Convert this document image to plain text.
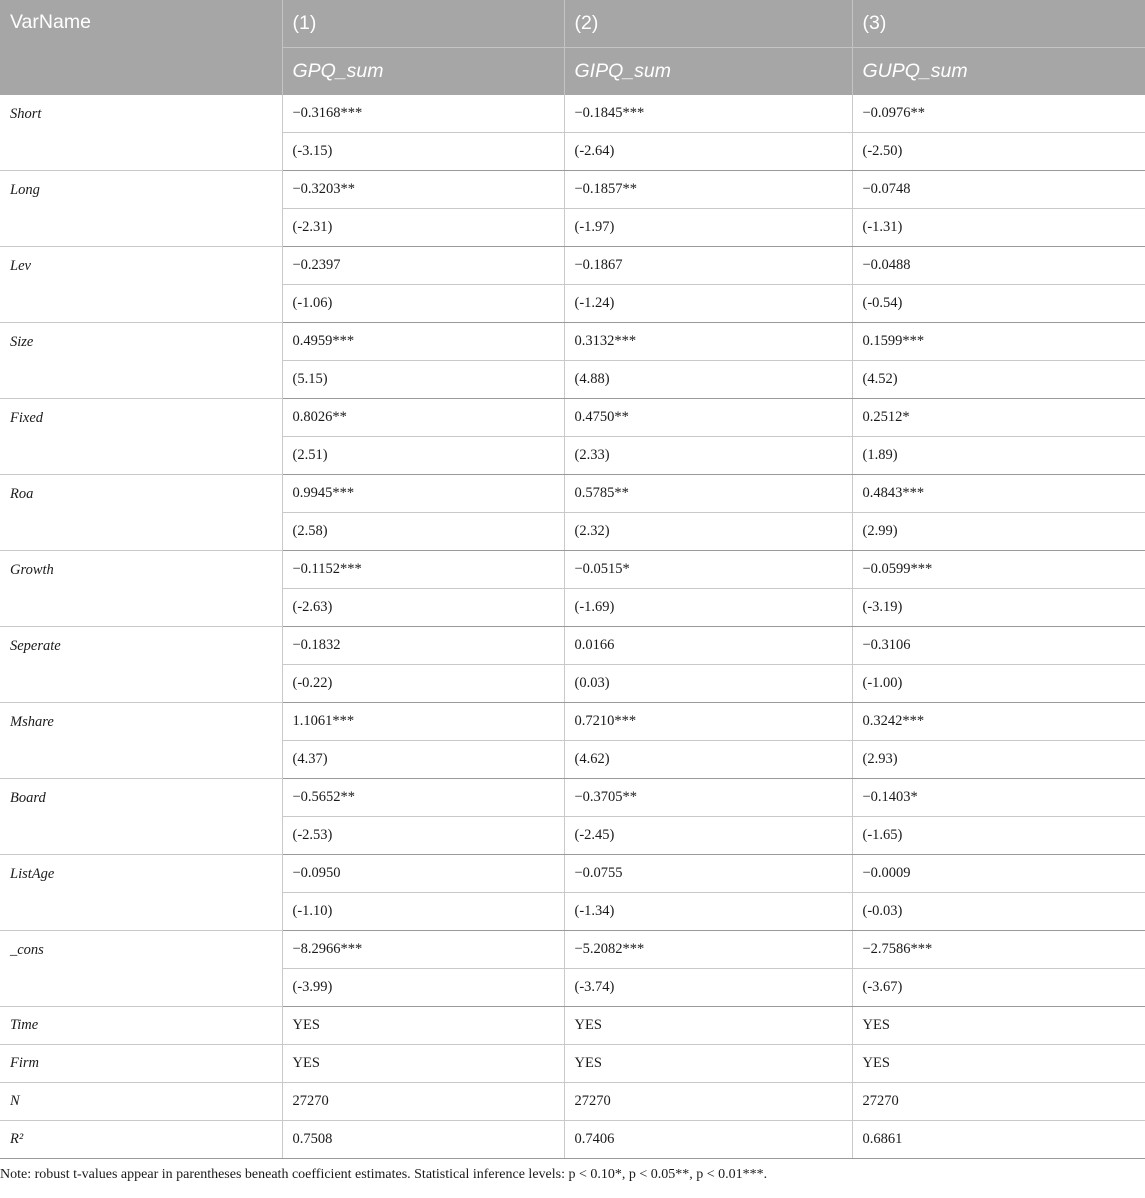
VarName	(1)	(2)	(3)
	GPQ_sum	GIPQ_sum	GUPQ_sum
Short	−0.3168***	−0.1845***	−0.0976**
	(-3.15)	(-2.64)	(-2.50)
Long	−0.3203**	−0.1857**	−0.0748
	(-2.31)	(-1.97)	(-1.31)
Lev	−0.2397	−0.1867	−0.0488
	(-1.06)	(-1.24)	(-0.54)
Size	0.4959***	0.3132***	0.1599***
	(5.15)	(4.88)	(4.52)
Fixed	0.8026**	0.4750**	0.2512*
	(2.51)	(2.33)	(1.89)
Roa	0.9945***	0.5785**	0.4843***
	(2.58)	(2.32)	(2.99)
Growth	−0.1152***	−0.0515*	−0.0599***
	(-2.63)	(-1.69)	(-3.19)
Seperate	−0.1832	0.0166	−0.3106
	(-0.22)	(0.03)	(-1.00)
Mshare	1.1061***	0.7210***	0.3242***
	(4.37)	(4.62)	(2.93)
Board	−0.5652**	−0.3705**	−0.1403*
	(-2.53)	(-2.45)	(-1.65)
ListAge	−0.0950	−0.0755	−0.0009
	(-1.10)	(-1.34)	(-0.03)
_cons	−8.2966***	−5.2082***	−2.7586***
	(-3.99)	(-3.74)	(-3.67)
Time	YES	YES	YES
Firm	YES	YES	YES
N	27270	27270	27270
R²	0.7508	0.7406	0.6861
Note: robust t-values appear in parentheses beneath coefficient estimates. Statistical inference levels: p < 0.10*, p < 0.05**, p < 0.01***.
